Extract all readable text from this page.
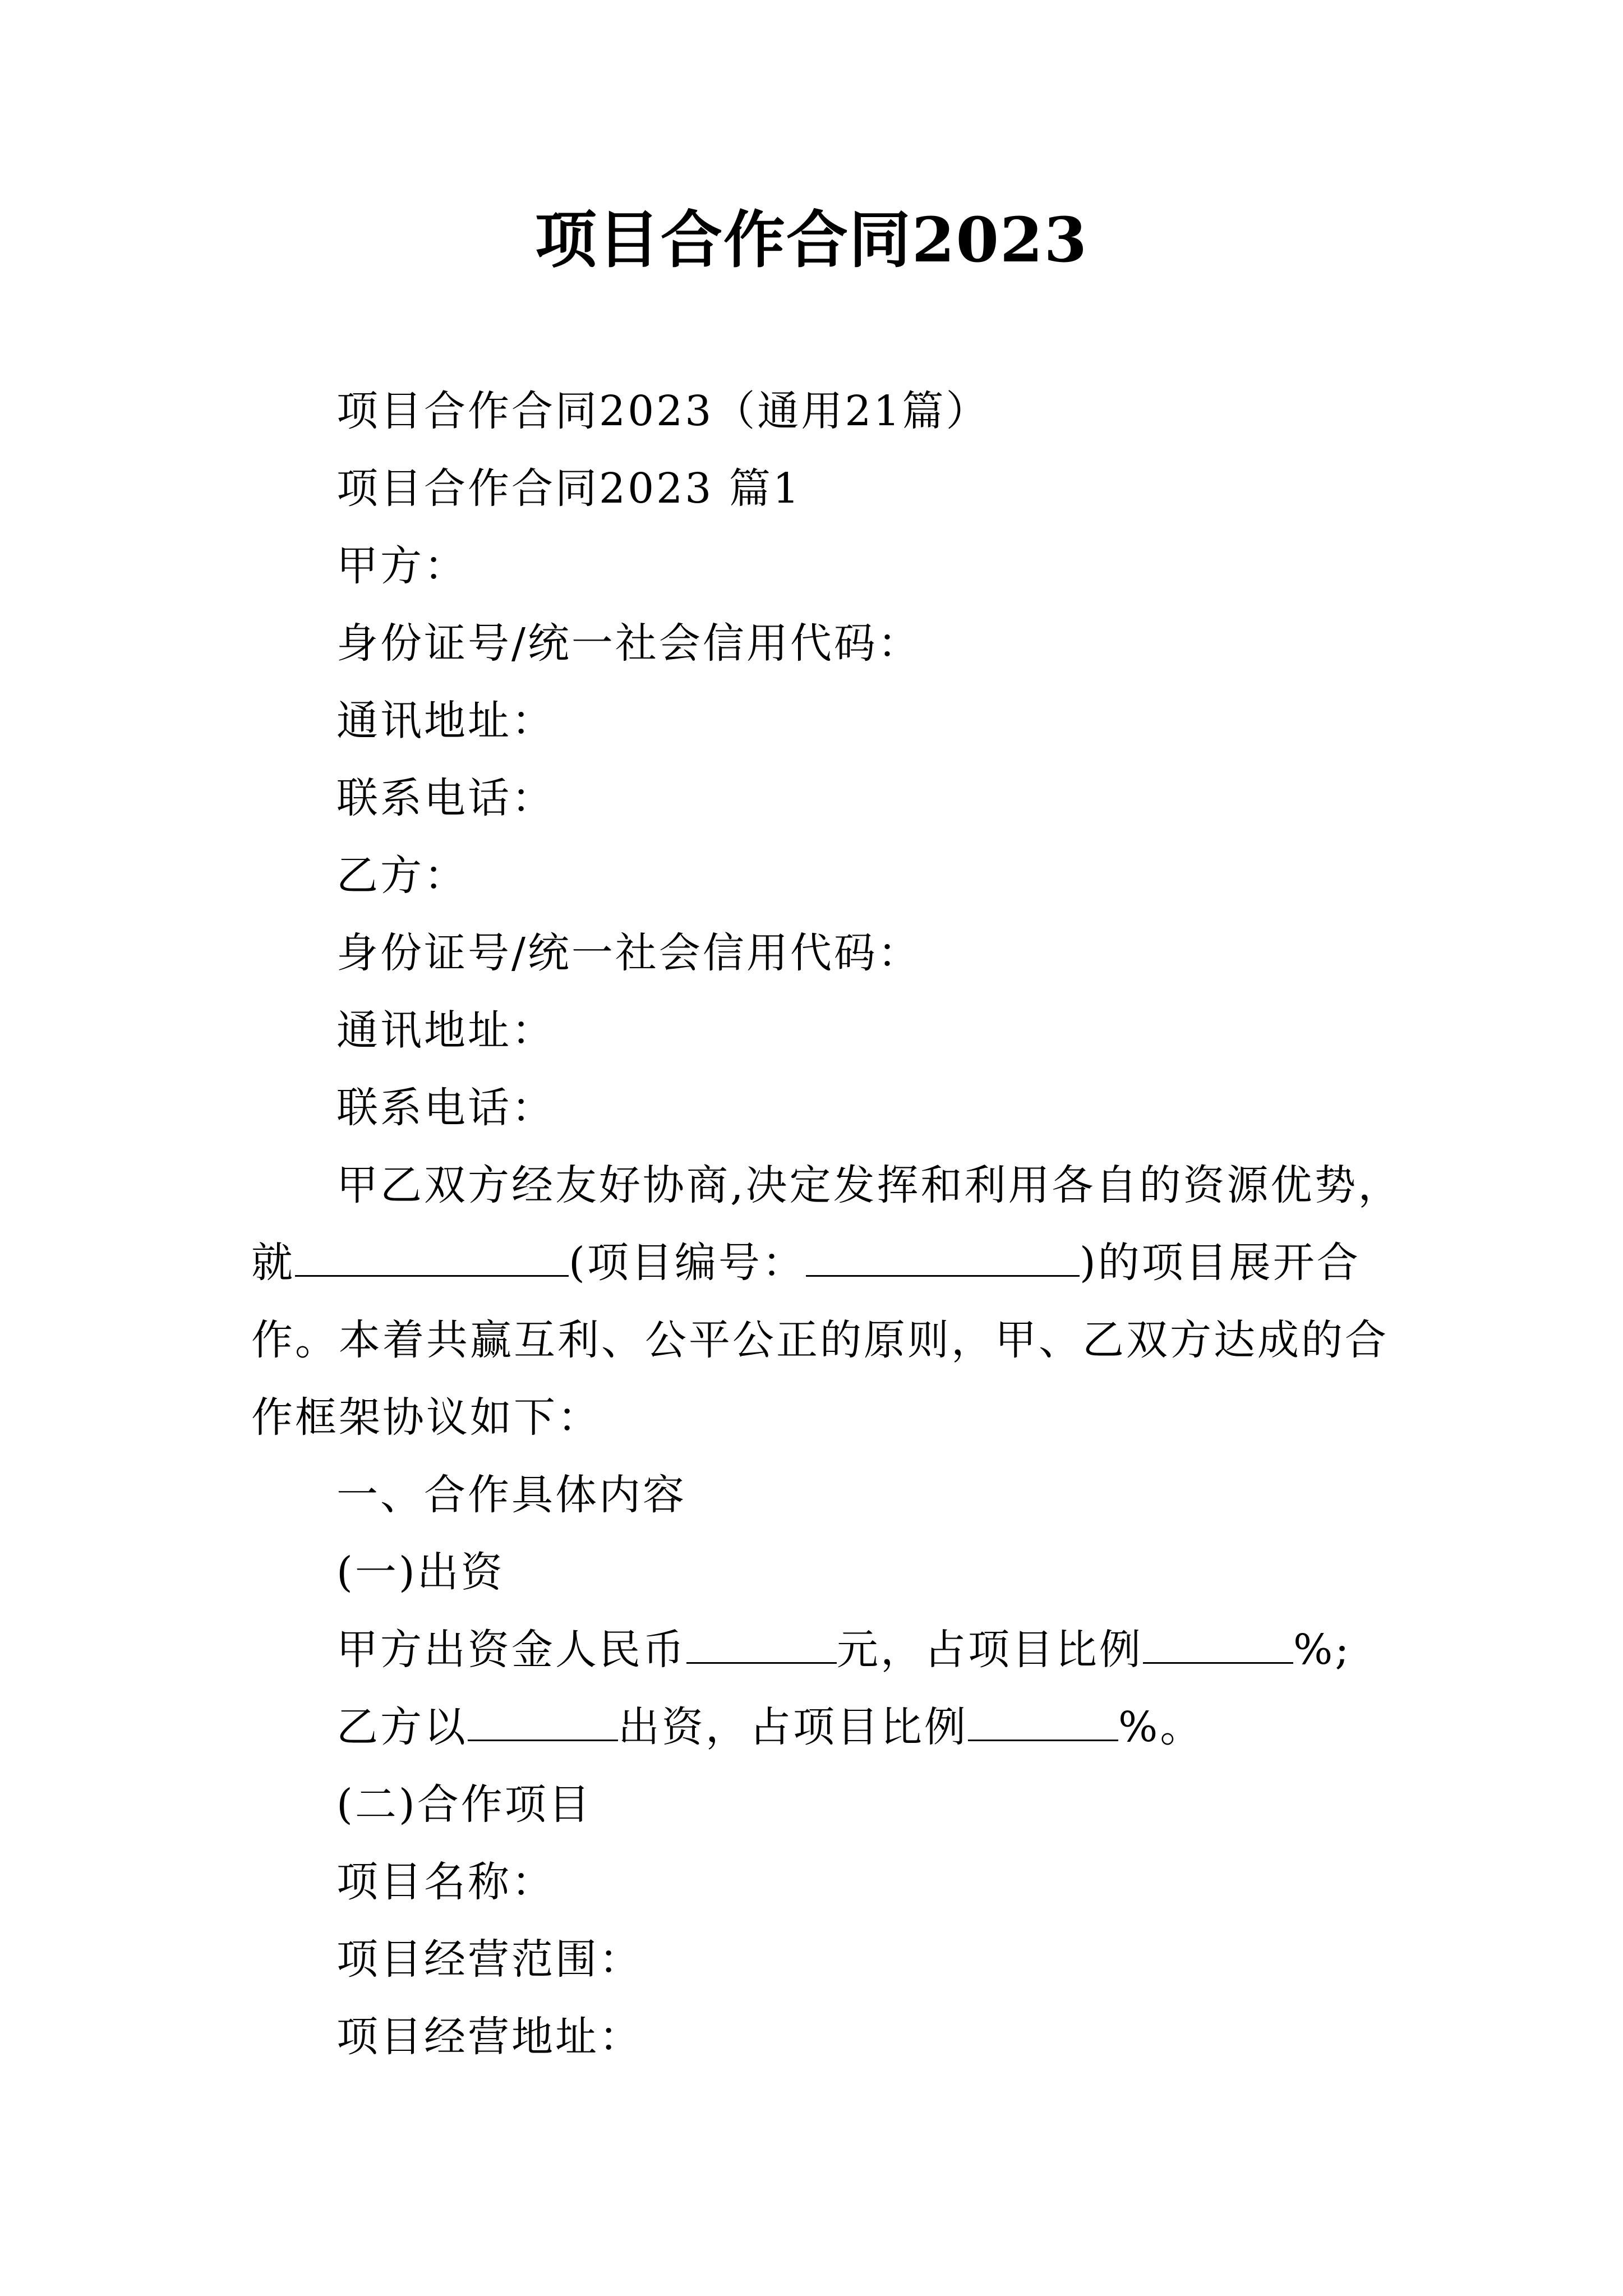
项目合作合同2023
项目合作合同2023（通用21篇）
项目合作合同2023 篇1
甲方：
身份证号/统一社会信用代码：
通讯地址：
联系电话：
乙方：
身份证号/统一社会信用代码：
通讯地址：
联系电话：
甲乙双方经友好协商,决定发挥和利用各自的资源优势，
就	(项目编号：	)的项目展开合
作。本着共赢互利、公平公正的原则，甲、乙双方达成的合
作框架协议如下：
一、合作具体内容
(一)出资
甲方出资金人民币	元，占项目比例	%;
乙方以	出资，占项目比例	%。
(二)合作项目
项目名称：
项目经营范围：
项目经营地址：
